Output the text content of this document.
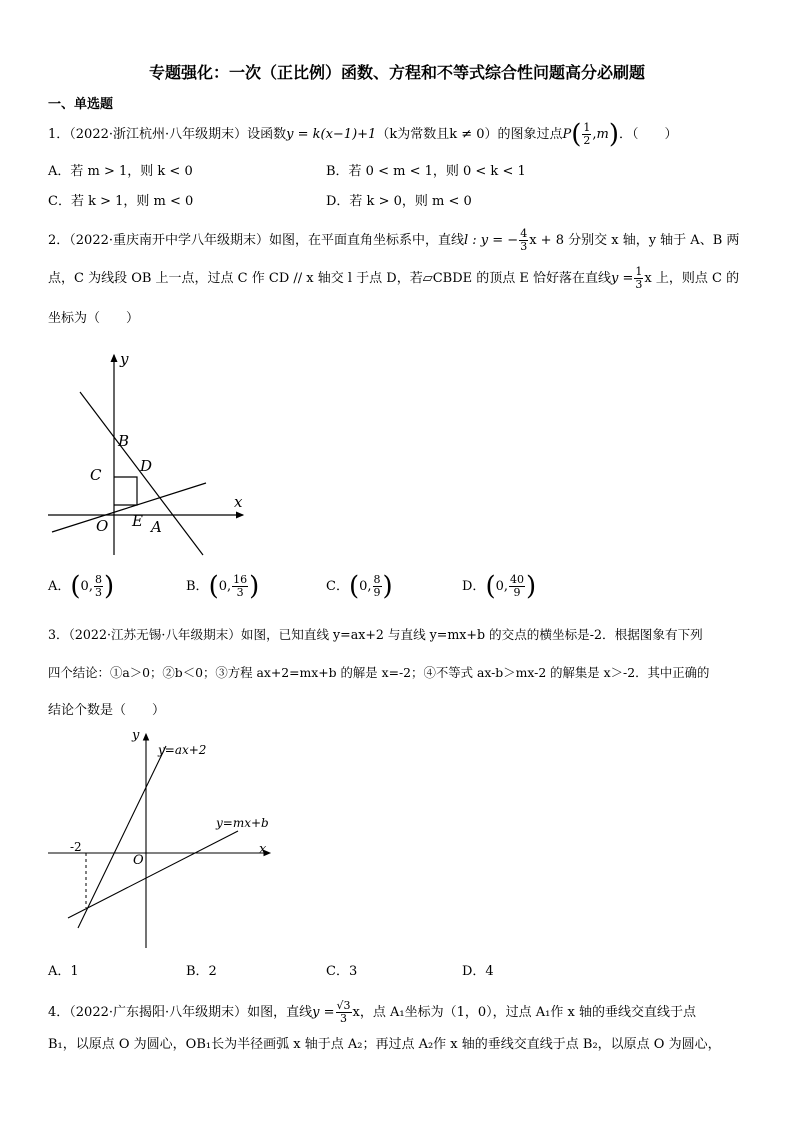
专题强化：一次（正比例）函数、方程和不等式综合性问题高分必刷题
一、单选题
1．（2022·浙江杭州·八年级期末）设函数y = k(x−1)+1（k为常数且k ≠ 0）的图象过点$P( \frac{1}{2} ,m)$．（　　）
A．若 m > 1，则 k < 0	B．若 0 < m < 1，则 0 < k < 1
C．若 k > 1，则 m < 0	D．若 k > 0，则 m < 0
2．（2022·重庆南开中学八年级期末）如图，在平面直角坐标系中，直线l : y = − $\frac{4}{3}$ x + 8 分别交 x 轴，y 轴于 A、B 两
点，C 为线段 OB 上一点，过点 C 作 CD // x 轴交 l 于点 D，若▱CBDE 的顶点 E 恰好落在直线$y = \frac{1}{3}$ x 上，则点 C 的
坐标为（　　）
y
x
B
C	D
O E A
A．(0, $\frac{8}{3}$ )	B．(0, $\frac{16}{3}$ )	C．(0, $\frac{8}{9}$ )	D．(0, $\frac{40}{9}$ )
3．（2022·江苏无锡·八年级期末）如图，已知直线 y=ax+2 与直线 y=mx+b 的交点的横坐标是-2．根据图象有下列
四个结论：①a＞0；②b＜0；③方程 ax+2=mx+b 的解是 x=-2；④不等式 ax-b＞mx-2 的解集是 x＞-2．其中正确的
结论个数是（　　）
y
x
O
-2
y=ax+2
y=mx+b
A．1	B．2	C．3	D．4
4．（2022·广东揭阳·八年级期末）如图，直线$y = \frac{√3}{3}$ x，点 A₁坐标为（1，0），过点 A₁作 x 轴的垂线交直线于点
B₁，以原点 O 为圆心，OB₁长为半径画弧 x 轴于点 A₂；再过点 A₂作 x 轴的垂线交直线于点 B₂，以原点 O 为圆心，
